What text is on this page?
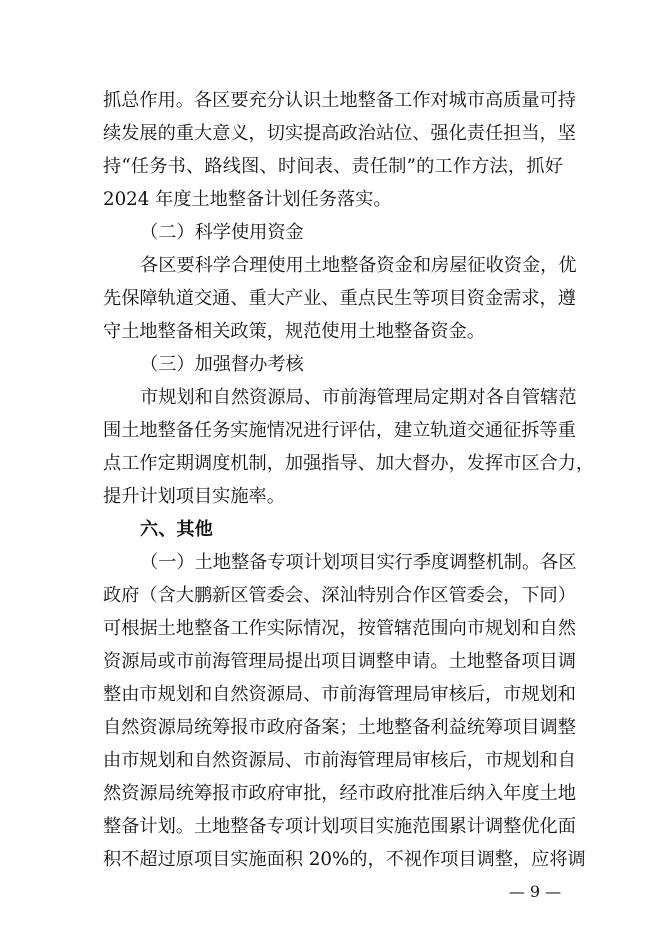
抓总作用。各区要充分认识土地整备工作对城市高质量可持
续发展的重大意义，切实提高政治站位、强化责任担当，坚
持“任务书、路线图、时间表、责任制”的工作方法，抓好
2024 年度土地整备计划任务落实。
（二）科学使用资金
各区要科学合理使用土地整备资金和房屋征收资金，优
先保障轨道交通、重大产业、重点民生等项目资金需求，遵
守土地整备相关政策，规范使用土地整备资金。
（三）加强督办考核
市规划和自然资源局、市前海管理局定期对各自管辖范
围土地整备任务实施情况进行评估，建立轨道交通征拆等重
点工作定期调度机制，加强指导、加大督办，发挥市区合力，
提升计划项目实施率。
六、其他
（一）土地整备专项计划项目实行季度调整机制。各区
政府（含大鹏新区管委会、深汕特别合作区管委会，下同）
可根据土地整备工作实际情况，按管辖范围向市规划和自然
资源局或市前海管理局提出项目调整申请。土地整备项目调
整由市规划和自然资源局、市前海管理局审核后，市规划和
自然资源局统筹报市政府备案；土地整备利益统筹项目调整
由市规划和自然资源局、市前海管理局审核后，市规划和自
然资源局统筹报市政府审批，经市政府批准后纳入年度土地
整备计划。土地整备专项计划项目实施范围累计调整优化面
积不超过原项目实施面积 20%的，不视作项目调整，应将调
— 9 —
